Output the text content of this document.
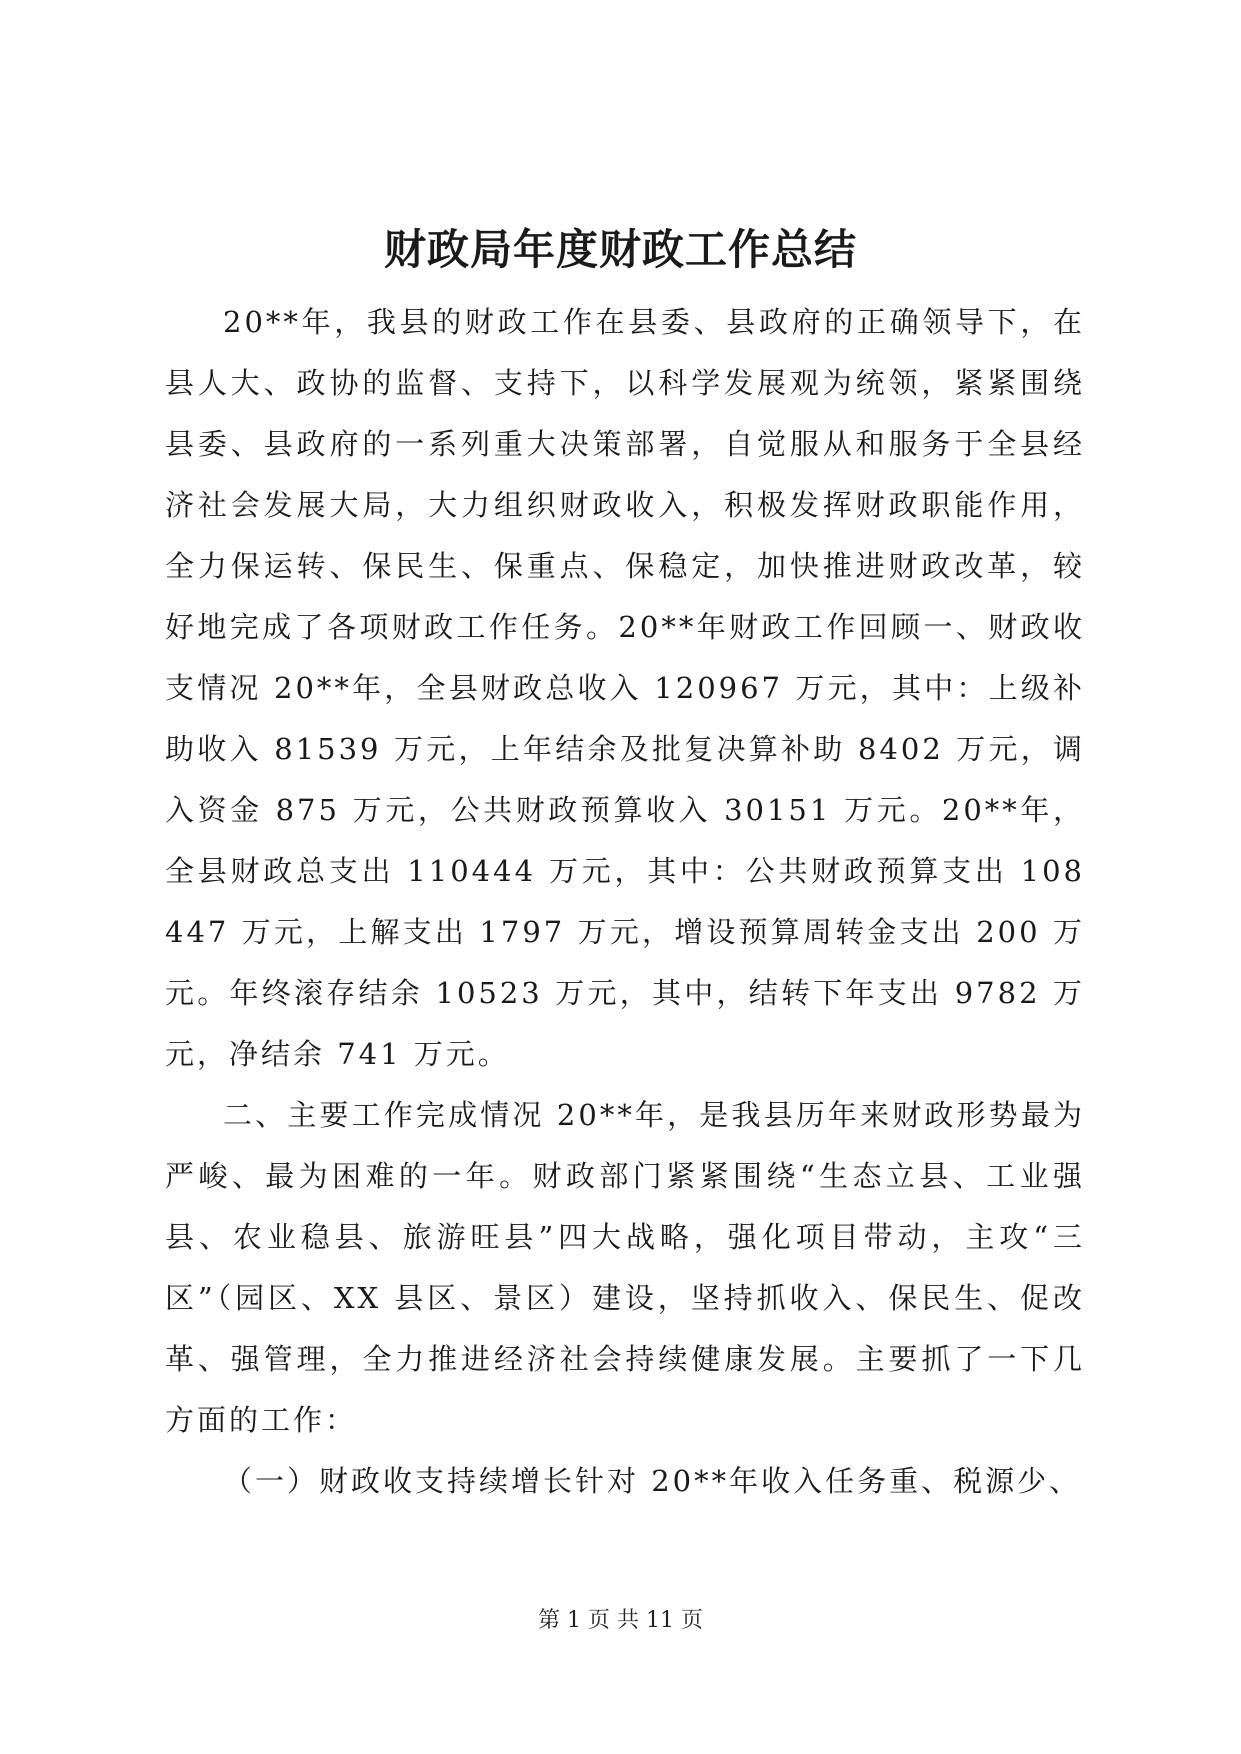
财政局年度财政工作总结

20**年，我县的财政工作在县委、县政府的正确领导下，在县人大、政协的监督、支持下，以科学发展观为统领，紧紧围绕县委、县政府的一系列重大决策部署，自觉服从和服务于全县经济社会发展大局，大力组织财政收入，积极发挥财政职能作用，全力保运转、保民生、保重点、保稳定，加快推进财政改革，较好地完成了各项财政工作任务。20**年财政工作回顾一、财政收支情况 20**年，全县财政总收入 120967 万元，其中：上级补助收入 81539 万元，上年结余及批复决算补助 8402 万元，调入资金 875 万元，公共财政预算收入 30151 万元。20**年，全县财政总支出 110444 万元，其中：公共财政预算支出 108447 万元，上解支出 1797 万元，增设预算周转金支出 200 万元。年终滚存结余 10523 万元，其中，结转下年支出 9782 万元，净结余 741 万元。

二、主要工作完成情况 20**年，是我县历年来财政形势最为严峻、最为困难的一年。财政部门紧紧围绕“生态立县、工业强县、农业稳县、旅游旺县”四大战略，强化项目带动，主攻“三区”（园区、XX 县区、景区）建设，坚持抓收入、保民生、促改革、强管理，全力推进经济社会持续健康发展。主要抓了一下几方面的工作：

（一）财政收支持续增长针对 20**年收入任务重、税源少、

第 1 页 共 11 页
